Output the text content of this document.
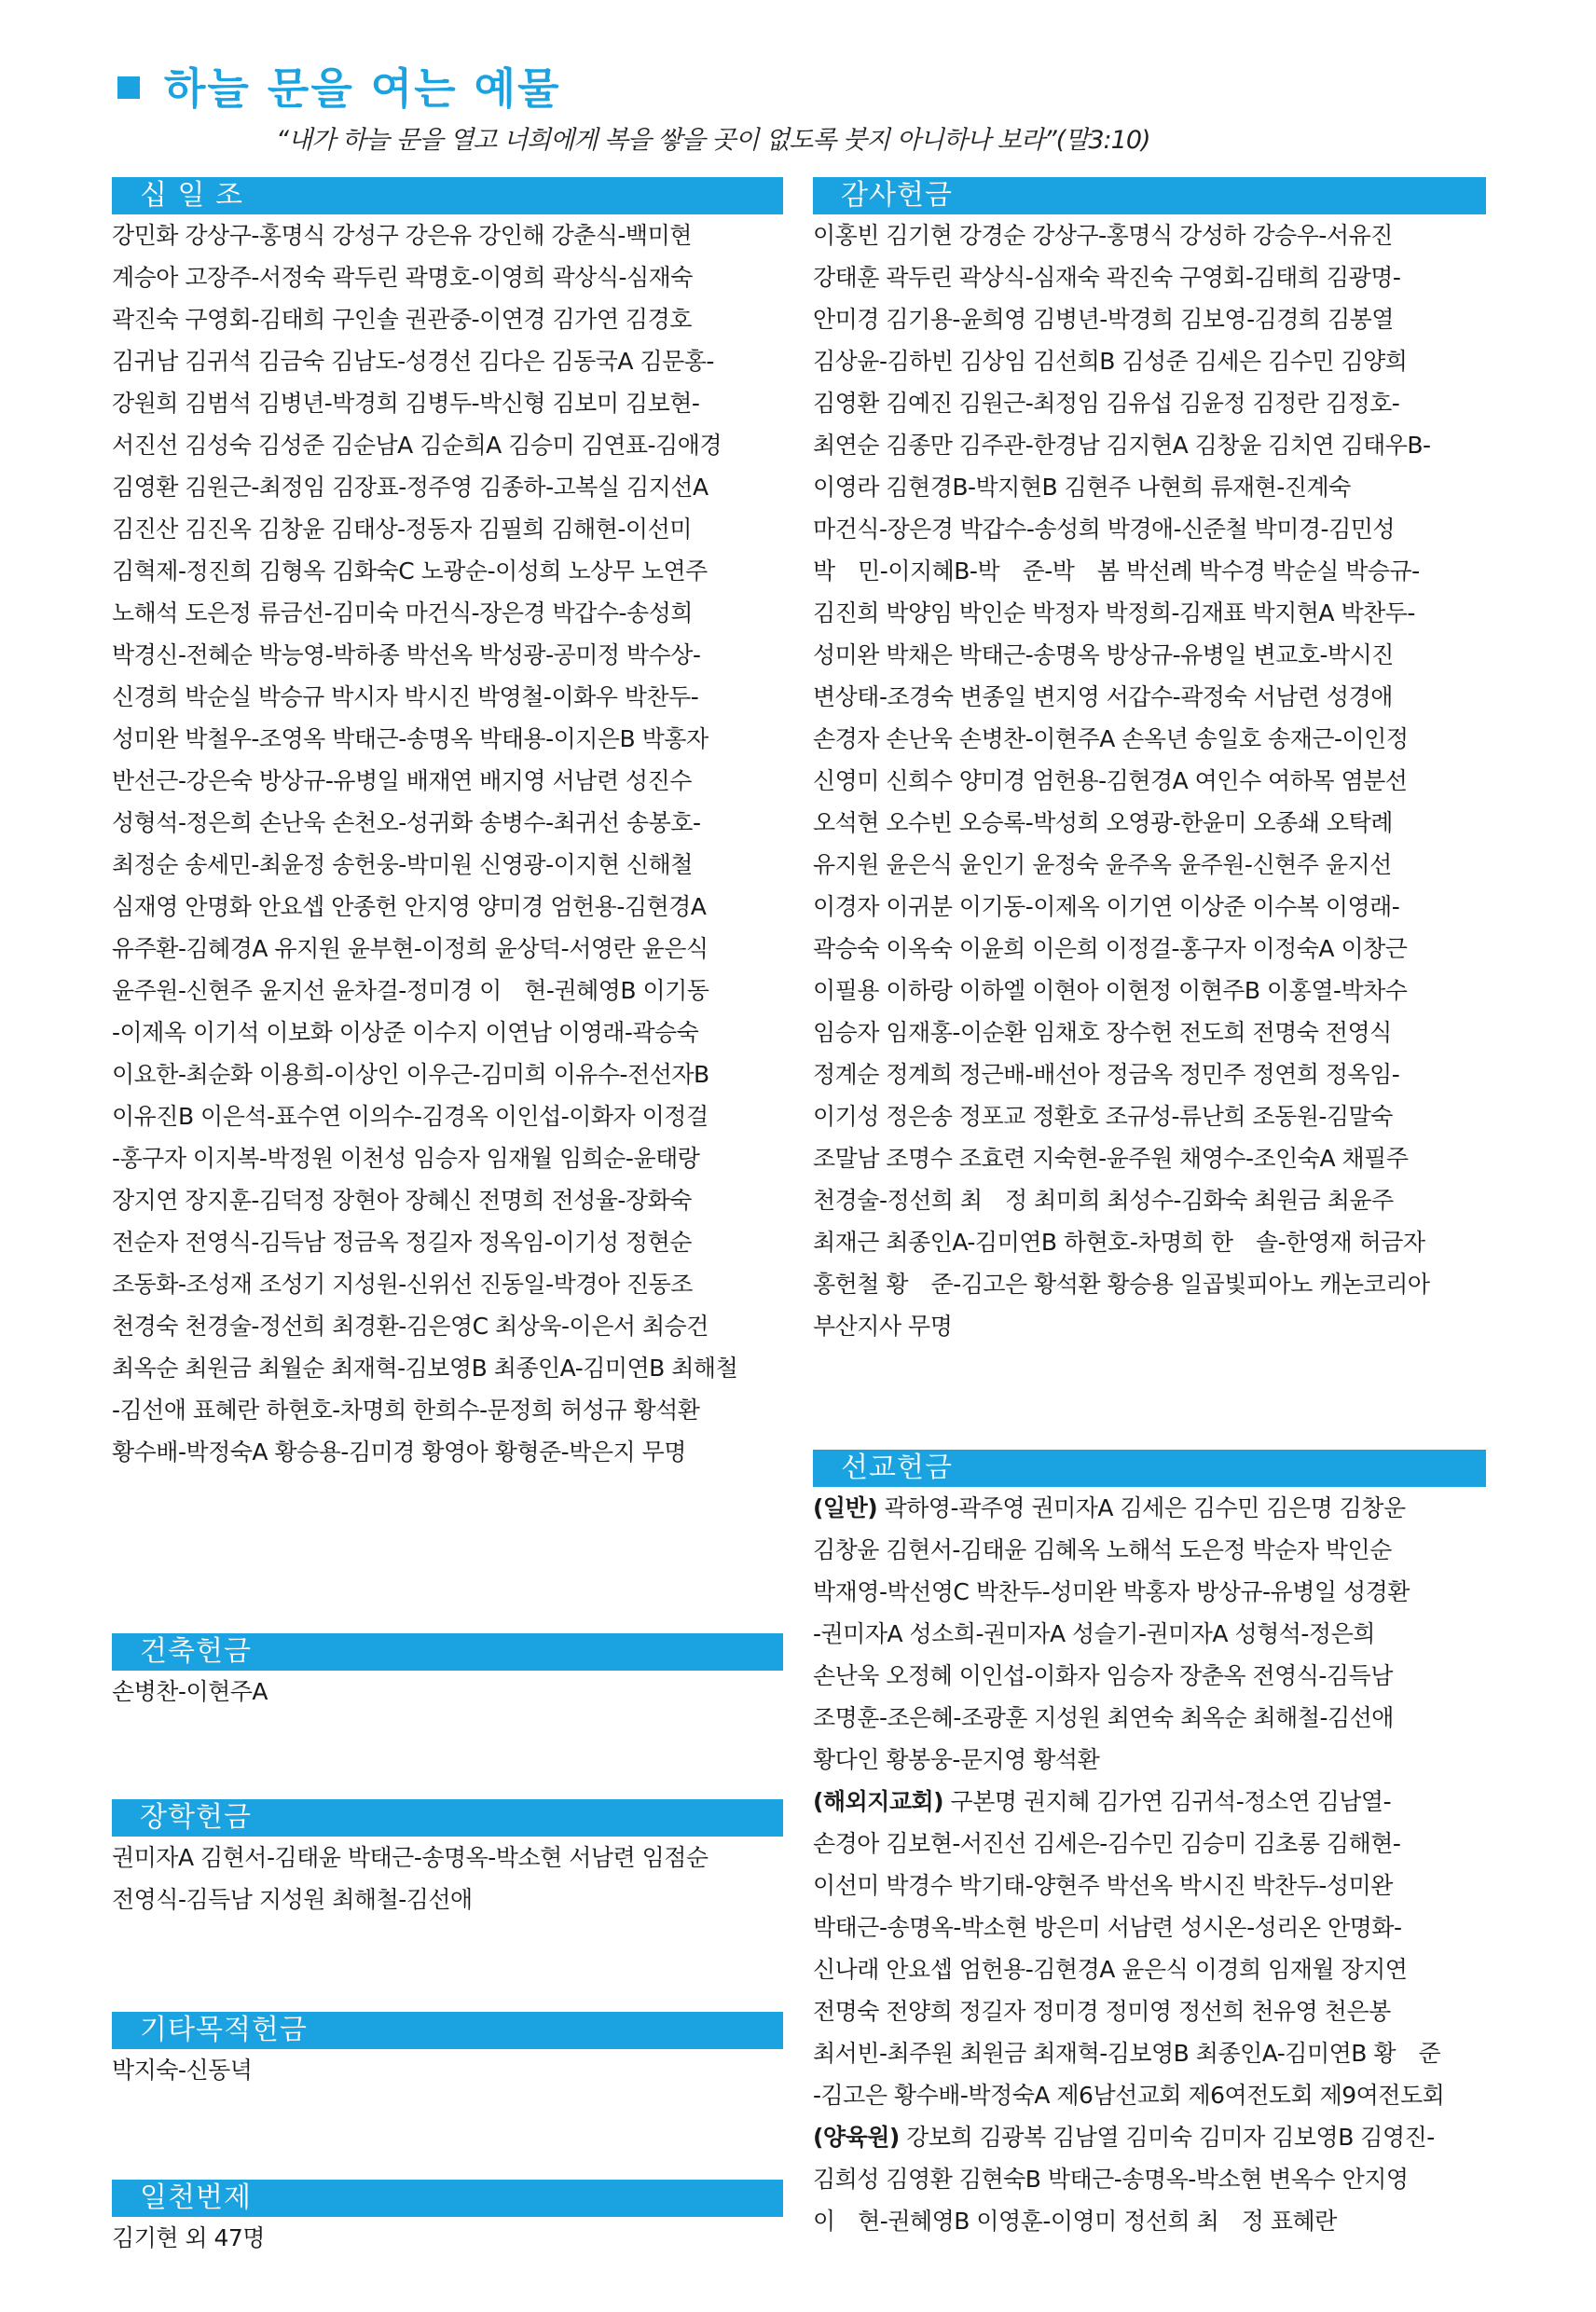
하늘 문을 여는 예물
“내가 하늘 문을 열고 너희에게 복을 쌓을 곳이 없도록 붓지 아니하나 보라”(말3:10)
십 일 조
강민화 강상구-홍명식 강성구 강은유 강인해 강춘식-백미현
계승아 고장주-서정숙 곽두린 곽명호-이영희 곽상식-심재숙
곽진숙 구영회-김태희 구인솔 권관중-이연경 김가연 김경호
김귀남 김귀석 김금숙 김남도-성경선 김다은 김동국A 김문홍-
강원희 김범석 김병년-박경희 김병두-박신형 김보미 김보현-
서진선 김성숙 김성준 김순남A 김순희A 김승미 김연표-김애경
김영환 김원근-최정임 김장표-정주영 김종하-고복실 김지선A
김진산 김진옥 김창윤 김태상-정동자 김필희 김해현-이선미
김혁제-정진희 김형옥 김화숙C 노광순-이성희 노상무 노연주
노해석 도은정 류금선-김미숙 마건식-장은경 박갑수-송성희
박경신-전혜순 박능영-박하종 박선옥 박성광-공미정 박수상-
신경희 박순실 박승규 박시자 박시진 박영철-이화우 박찬두-
성미완 박철우-조영옥 박태근-송명옥 박태용-이지은B 박홍자
반선근-강은숙 방상규-유병일 배재연 배지영 서남련 성진수
성형석-정은희 손난욱 손천오-성귀화 송병수-최귀선 송봉호-
최정순 송세민-최윤정 송헌웅-박미원 신영광-이지현 신해철
심재영 안명화 안요셉 안종헌 안지영 양미경 엄헌용-김현경A
유주환-김혜경A 유지원 윤부현-이정희 윤상덕-서영란 윤은식
윤주원-신현주 윤지선 윤차걸-정미경 이　현-권혜영B 이기동
-이제옥 이기석 이보화 이상준 이수지 이연남 이영래-곽승숙
이요한-최순화 이용희-이상인 이우근-김미희 이유수-전선자B
이유진B 이은석-표수연 이의수-김경옥 이인섭-이화자 이정걸
-홍구자 이지복-박정원 이천성 임승자 임재월 임희순-윤태랑
장지연 장지훈-김덕정 장현아 장혜신 전명희 전성율-장화숙
전순자 전영식-김득남 정금옥 정길자 정옥임-이기성 정현순
조동화-조성재 조성기 지성원-신위선 진동일-박경아 진동조
천경숙 천경술-정선희 최경환-김은영C 최상욱-이은서 최승건
최옥순 최원금 최월순 최재혁-김보영B 최종인A-김미연B 최해철
-김선애 표혜란 하현호-차명희 한희수-문정희 허성규 황석환
황수배-박정숙A 황승용-김미경 황영아 황형준-박은지 무명
감사헌금
이홍빈 김기현 강경순 강상구-홍명식 강성하 강승우-서유진
강태훈 곽두린 곽상식-심재숙 곽진숙 구영회-김태희 김광명-
안미경 김기용-윤희영 김병년-박경희 김보영-김경희 김봉열
김상윤-김하빈 김상임 김선희B 김성준 김세은 김수민 김양희
김영환 김예진 김원근-최정임 김유섭 김윤정 김정란 김정호-
최연순 김종만 김주관-한경남 김지현A 김창윤 김치연 김태우B-
이영라 김현경B-박지현B 김현주 나현희 류재현-진계숙
마건식-장은경 박갑수-송성희 박경애-신준철 박미경-김민성
박　민-이지혜B-박　준-박　봄 박선례 박수경 박순실 박승규-
김진희 박양임 박인순 박정자 박정희-김재표 박지현A 박찬두-
성미완 박채은 박태근-송명옥 방상규-유병일 변교호-박시진
변상태-조경숙 변종일 변지영 서갑수-곽정숙 서남련 성경애
손경자 손난욱 손병찬-이현주A 손옥년 송일호 송재근-이인정
신영미 신희수 양미경 엄헌용-김현경A 여인수 여하목 염분선
오석현 오수빈 오승록-박성희 오영광-한윤미 오종쇄 오탁례
유지원 윤은식 윤인기 윤정숙 윤주옥 윤주원-신현주 윤지선
이경자 이귀분 이기동-이제옥 이기연 이상준 이수복 이영래-
곽승숙 이옥숙 이윤희 이은희 이정걸-홍구자 이정숙A 이창근
이필용 이하랑 이하엘 이현아 이현정 이현주B 이홍열-박차수
임승자 임재홍-이순환 임채호 장수헌 전도희 전명숙 전영식
정계순 정계희 정근배-배선아 정금옥 정민주 정연희 정옥임-
이기성 정은송 정포교 정환호 조규성-류난희 조동원-김말숙
조말남 조명수 조효련 지숙현-윤주원 채영수-조인숙A 채필주
천경술-정선희 최　정 최미희 최성수-김화숙 최원금 최윤주
최재근 최종인A-김미연B 하현호-차명희 한　솔-한영재 허금자
홍헌철 황　준-김고은 황석환 황승용 일곱빛피아노 캐논코리아
부산지사 무명
선교헌금
(일반) 곽하영-곽주영 권미자A 김세은 김수민 김은명 김창운
김창윤 김현서-김태윤 김혜옥 노해석 도은정 박순자 박인순
박재영-박선영C 박찬두-성미완 박홍자 방상규-유병일 성경환
-권미자A 성소희-권미자A 성슬기-권미자A 성형석-정은희
손난욱 오정혜 이인섭-이화자 임승자 장춘옥 전영식-김득남
조명훈-조은혜-조광훈 지성원 최연숙 최옥순 최해철-김선애
황다인 황봉웅-문지영 황석환
(해외지교회) 구본명 권지혜 김가연 김귀석-정소연 김남열-
손경아 김보현-서진선 김세은-김수민 김승미 김초롱 김해현-
이선미 박경수 박기태-양현주 박선옥 박시진 박찬두-성미완
박태근-송명옥-박소현 방은미 서남련 성시온-성리온 안명화-
신나래 안요셉 엄헌용-김현경A 윤은식 이경희 임재월 장지연
전명숙 전양희 정길자 정미경 정미영 정선희 천유영 천은봉
최서빈-최주원 최원금 최재혁-김보영B 최종인A-김미연B 황　준
-김고은 황수배-박정숙A 제6남선교회 제6여전도회 제9여전도회
(양육원) 강보희 김광복 김남열 김미숙 김미자 김보영B 김영진-
김희성 김영환 김현숙B 박태근-송명옥-박소현 변옥수 안지영
이　현-권혜영B 이영훈-이영미 정선희 최　정 표혜란
건축헌금
손병찬-이현주A
장학헌금
권미자A 김현서-김태윤 박태근-송명옥-박소현 서남련 임점순
전영식-김득남 지성원 최해철-김선애
기타목적헌금
박지숙-신동녁
일천번제
김기현 외 47명
